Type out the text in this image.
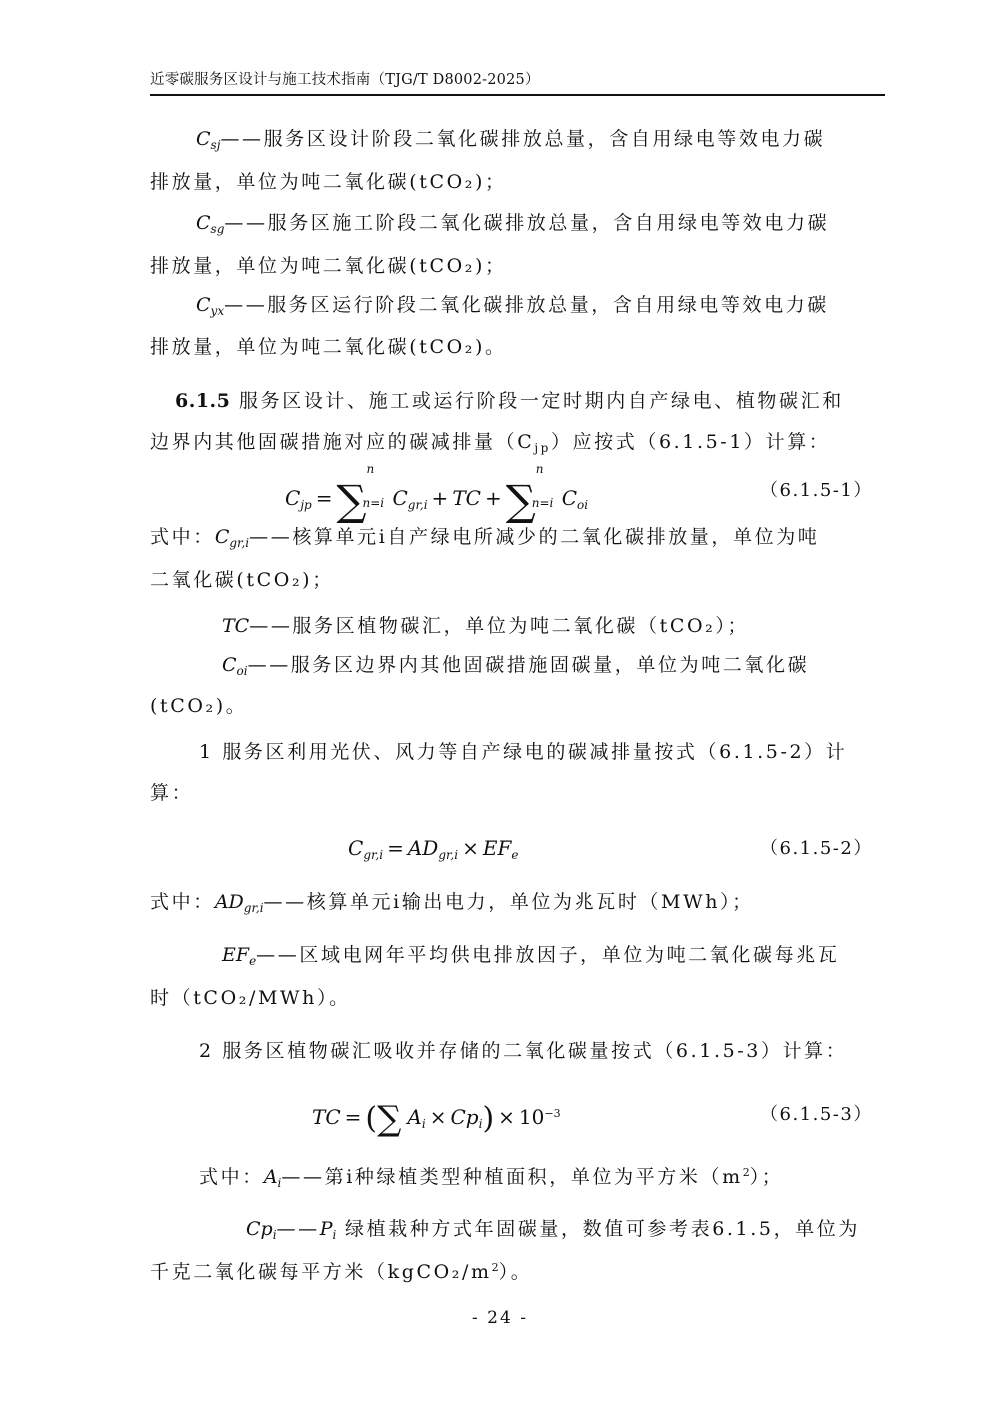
近零碳服务区设计与施工技术指南（TJG/T D8002-2025）
$C_{sj}——$服务区设计阶段二氧化碳排放总量，含自用绿电等效电力碳
排放量，单位为吨二氧化碳(tCO₂)；
$C_{sg}——$服务区施工阶段二氧化碳排放总量，含自用绿电等效电力碳
排放量，单位为吨二氧化碳(tCO₂)；
$C_{yx}——$服务区运行阶段二氧化碳排放总量，含自用绿电等效电力碳
排放量，单位为吨二氧化碳(tCO₂)。
6.1.5 服务区设计、施工或运行阶段一定时期内自产绿电、植物碳汇和
边界内其他固碳措施对应的碳减排量$(C_{jp})$应按式（6.1.5-1）计算：
$C_{jp}$ =∑
n
n=i $C_{gr,i}$ + TC +∑
n
n=i $C_{oi}$
（6.1.5-1）
式中：$C_{gr,i}——$核算单元i自产绿电所减少的二氧化碳排放量，单位为吨
二氧化碳(tCO₂)；
TC——服务区植物碳汇，单位为吨二氧化碳（tCO₂）；
$C_{oi}——$服务区边界内其他固碳措施固碳量，单位为吨二氧化碳
(tCO₂)。
1 服务区利用光伏、风力等自产绿电的碳减排量按式（6.1.5-2）计
算：
$C_{gr,i} = AD_{gr,i} \times EF_e$	（6.1.5-2）
式中：$AD_{gr,i}——$核算单元i输出电力，单位为兆瓦时（MWh）；
$EF_e——$区域电网年平均供电排放因子，单位为吨二氧化碳每兆瓦
时（tCO₂/MWh）。
2 服务区植物碳汇吸收并存储的二氧化碳量按式（6.1.5-3）计算：
TC = (∑ $A_i \times Cp_i) \times 10^{-3}$	（6.1.5-3）
式中：$A_i——$第i种绿植类型种植面积，单位为平方米$(m^2)$；
$Cp_i——P_i$ 绿植栽种方式年固碳量，数值可参考表6.1.5，单位为
千克二氧化碳每平方米$(kgCO_2/m^2)$。
- 24 -
